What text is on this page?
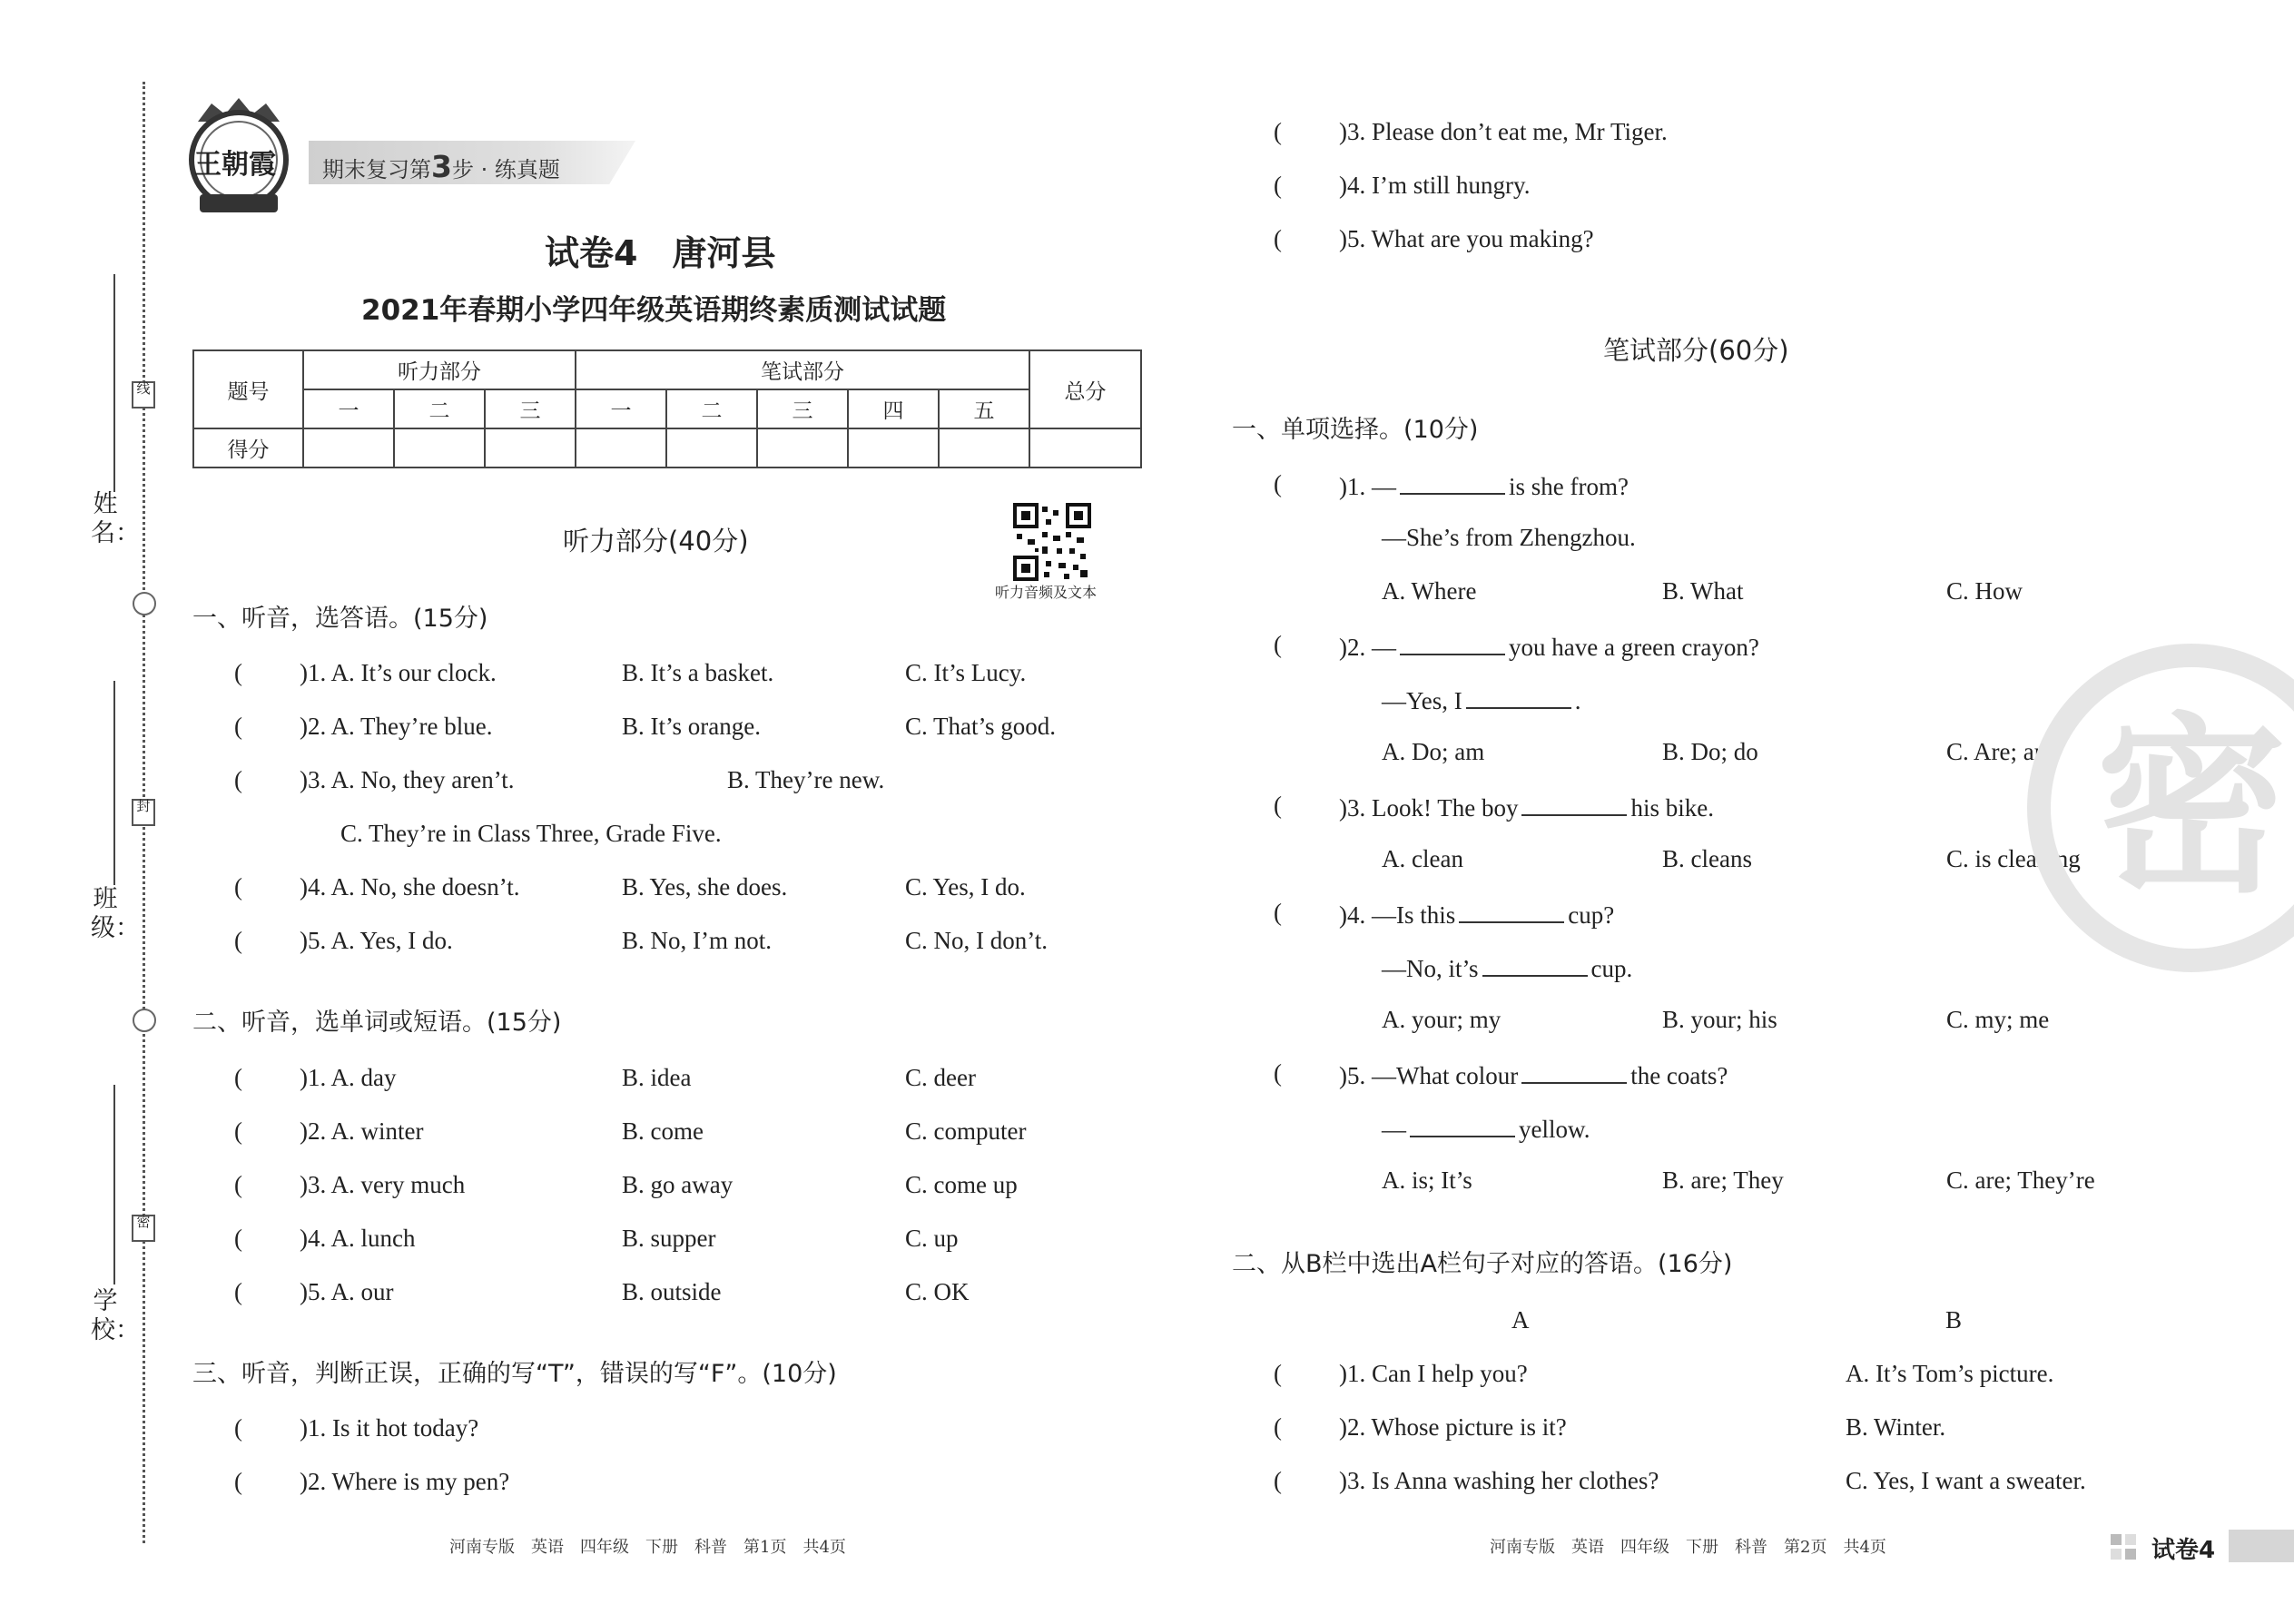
姓名：
班级：
学校：
线
封
密
王朝霞 期末复习第3步 · 练真题
试卷4　唐河县
2021年春期小学四年级英语期终素质测试试题
题号	听力部分			笔试部分					总分
	一	二	三	一	二	三	四	五	
得分									
听力部分(40分)
听力音频及文本
一、听音，选答语。(15分)
( )1. A. It’s our clock.	B. It’s a basket.	C. It’s Lucy.
( )2. A. They’re blue.	B. It’s orange.	C. That’s good.
( )3. A. No, they aren’t.	B. They’re new.
C. They’re in Class Three, Grade Five.
( )4. A. No, she doesn’t.	B. Yes, she does.	C. Yes, I do.
( )5. A. Yes, I do.	B. No, I’m not.	C. No, I don’t.
二、听音，选单词或短语。(15分)
( )1. A. day	B. idea	C. deer
( )2. A. winter	B. come	C. computer
( )3. A. very much	B. go away	C. come up
( )4. A. lunch	B. supper	C. up
( )5. A. our	B. outside	C. OK
三、听音，判断正误，正确的写“T”，错误的写“F”。(10分)
( )1. Is it hot today?
( )2. Where is my pen?
( )3. Please don’t eat me, Mr Tiger.
( )4. I’m still hungry.
( )5. What are you making?
笔试部分(60分)
一、单项选择。(10分)
( )1. —	is she from?
—She’s from Zhengzhou.
A. Where	B. What	C. How
( )2. —	you have a green crayon?
—Yes, I	.
A. Do; am	B. Do; do	C. Are; am
( )3. Look! The boy	his bike.
A. clean	B. cleans	C. is cleaning
( )4. —Is this	cup?
—No, it’s	cup.
A. your; my	B. your; his	C. my; me
( )5. —What colour	the coats?
—	yellow.
A. is; It’s	B. are; They	C. are; They’re
二、从B栏中选出A栏句子对应的答语。(16分)
A	B
( )1. Can I help you?	A. It’s Tom’s picture.
( )2. Whose picture is it?	B. Winter.
( )3. Is Anna washing her clothes?	C. Yes, I want a sweater.
密
河南专版　英语　四年级　下册　科普　第1页　共4页	河南专版　英语　四年级　下册　科普　第2页　共4页	试卷4
